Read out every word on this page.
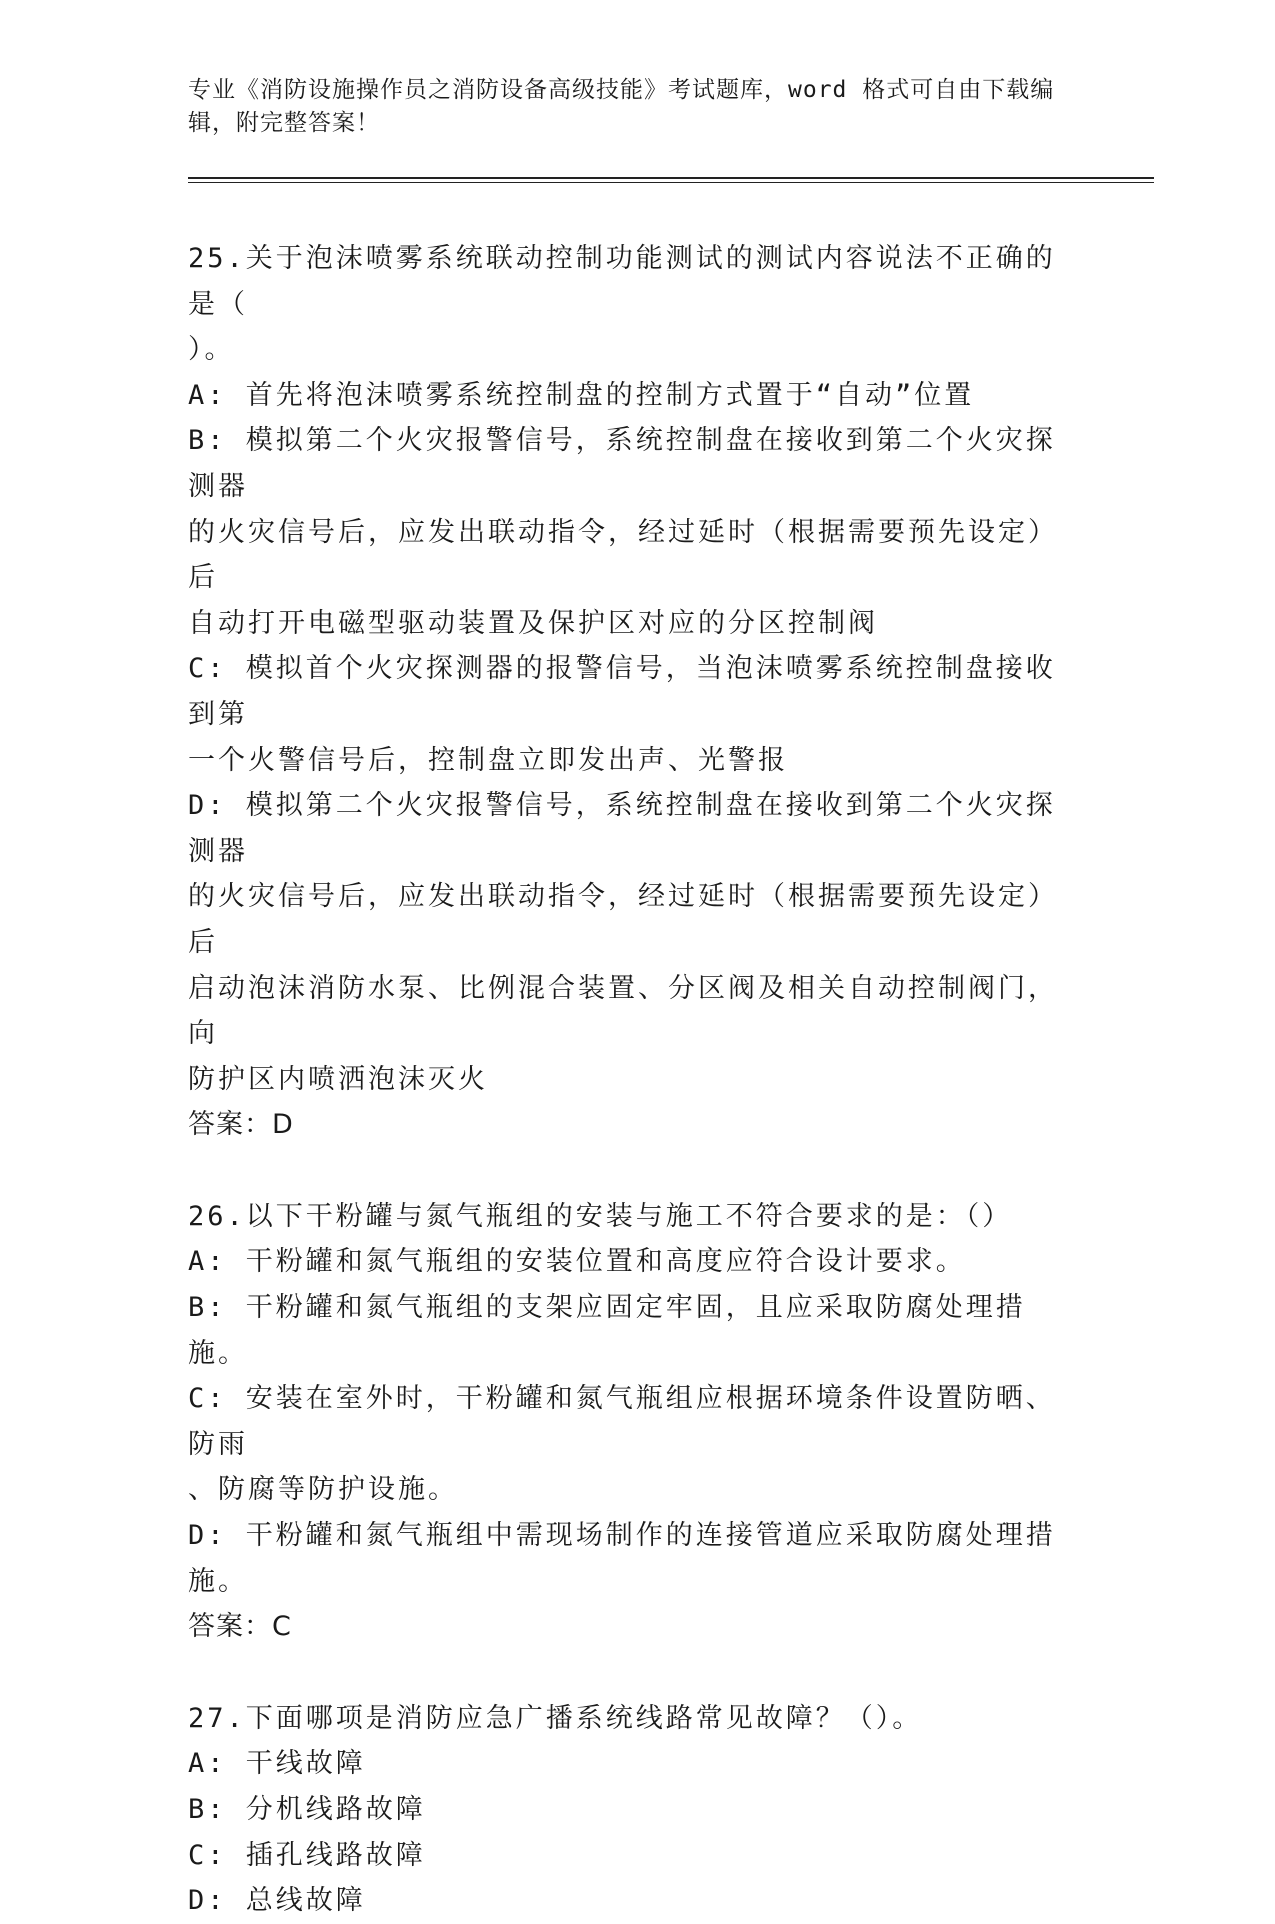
专业《消防设施操作员之消防设备高级技能》考试题库，word 格式可自由下载编
辑，附完整答案！

25.关于泡沫喷雾系统联动控制功能测试的测试内容说法不正确的是（

）。

A: 首先将泡沫喷雾系统控制盘的控制方式置于“自动”位置

B: 模拟第二个火灾报警信号，系统控制盘在接收到第二个火灾探测器

的火灾信号后，应发出联动指令，经过延时（根据需要预先设定）后

自动打开电磁型驱动装置及保护区对应的分区控制阀

C: 模拟首个火灾探测器的报警信号，当泡沫喷雾系统控制盘接收到第

一个火警信号后，控制盘立即发出声、光警报

D: 模拟第二个火灾报警信号，系统控制盘在接收到第二个火灾探测器

的火灾信号后，应发出联动指令，经过延时（根据需要预先设定）后

启动泡沫消防水泵、比例混合装置、分区阀及相关自动控制阀门，向

防护区内喷洒泡沫灭火

答案：D

26.以下干粉罐与氮气瓶组的安装与施工不符合要求的是：（）

A: 干粉罐和氮气瓶组的安装位置和高度应符合设计要求。

B: 干粉罐和氮气瓶组的支架应固定牢固，且应采取防腐处理措施。

C: 安装在室外时，干粉罐和氮气瓶组应根据环境条件设置防晒、防雨

、防腐等防护设施。

D: 干粉罐和氮气瓶组中需现场制作的连接管道应采取防腐处理措施。

答案：C

27.下面哪项是消防应急广播系统线路常见故障？（）。

A: 干线故障

B: 分机线路故障

C: 插孔线路故障

D: 总线故障
